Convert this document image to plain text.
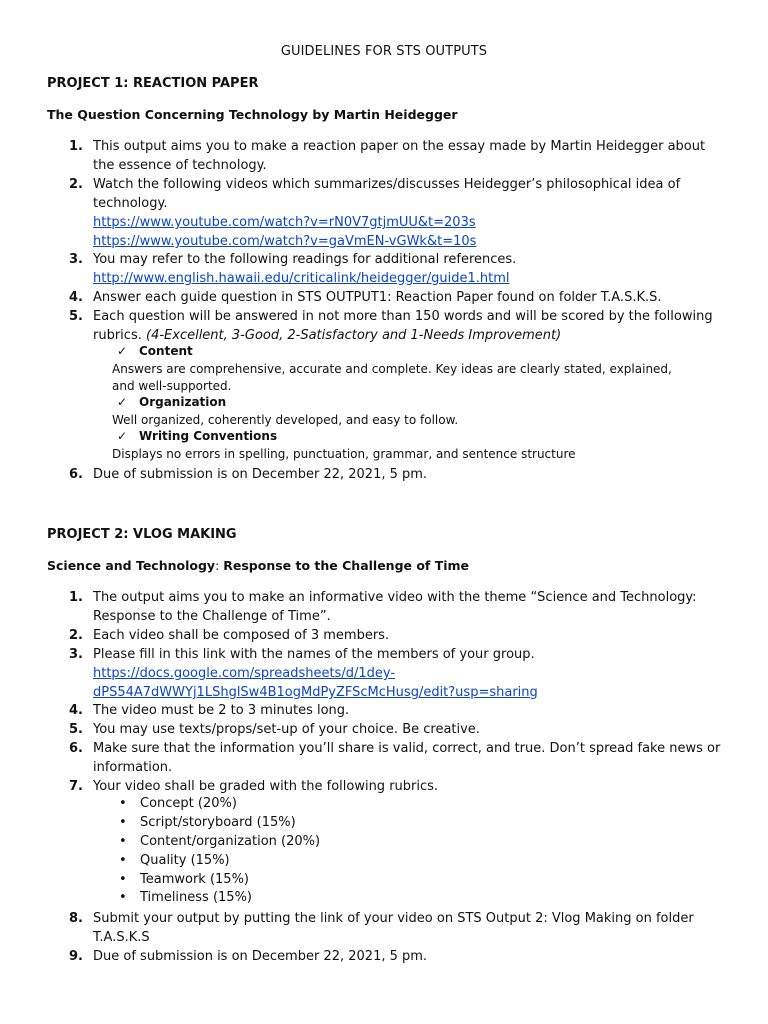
GUIDELINES FOR STS OUTPUTS
PROJECT 1: REACTION PAPER
The Question Concerning Technology by Martin Heidegger
1. This output aims you to make a reaction paper on the essay made by Martin Heidegger about the essence of technology.
2. Watch the following videos which summarizes/discusses Heidegger’s philosophical idea of technology.
https://www.youtube.com/watch?v=rN0V7gtjmUU&t=203s
https://www.youtube.com/watch?v=gaVmEN-vGWk&t=10s
3. You may refer to the following readings for additional references.
http://www.english.hawaii.edu/criticalink/heidegger/guide1.html
4. Answer each guide question in STS OUTPUT1: Reaction Paper found on folder T.A.S.K.S.
5. Each question will be answered in not more than 150 words and will be scored by the following rubrics. (4-Excellent, 3-Good, 2-Satisfactory and 1-Needs Improvement)
✓ Content
Answers are comprehensive, accurate and complete. Key ideas are clearly stated, explained, and well-supported.
✓ Organization
Well organized, coherently developed, and easy to follow.
✓ Writing Conventions
Displays no errors in spelling, punctuation, grammar, and sentence structure
6. Due of submission is on December 22, 2021, 5 pm.
PROJECT 2: VLOG MAKING
Science and Technology: Response to the Challenge of Time
1. The output aims you to make an informative video with the theme “Science and Technology: Response to the Challenge of Time”.
2. Each video shall be composed of 3 members.
3. Please fill in this link with the names of the members of your group.
https://docs.google.com/spreadsheets/d/1dey-
dPS54A7dWWYj1LShglSw4B1ogMdPyZFScMcHusg/edit?usp=sharing
4. The video must be 2 to 3 minutes long.
5. You may use texts/props/set-up of your choice. Be creative.
6. Make sure that the information you’ll share is valid, correct, and true. Don’t spread fake news or information.
7. Your video shall be graded with the following rubrics.
• Concept (20%)
• Script/storyboard (15%)
• Content/organization (20%)
• Quality (15%)
• Teamwork (15%)
• Timeliness (15%)
8. Submit your output by putting the link of your video on STS Output 2: Vlog Making on folder T.A.S.K.S
9. Due of submission is on December 22, 2021, 5 pm.
